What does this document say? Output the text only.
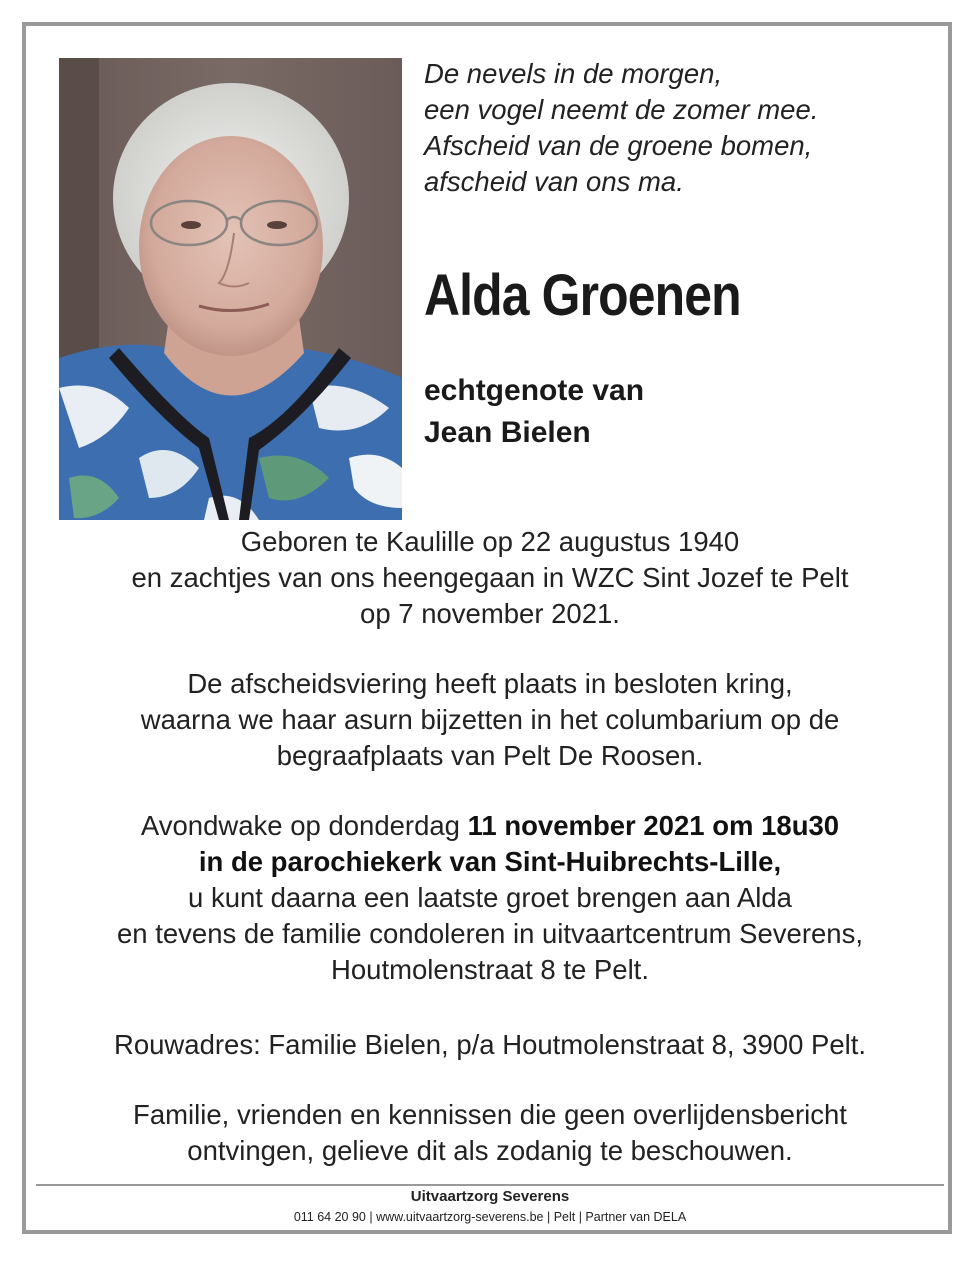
De nevels in de morgen,
een vogel neemt de zomer mee.
Afscheid van de groene bomen,
afscheid van ons ma.
Alda Groenen
echtgenote van
Jean Bielen
Geboren te Kaulille op 22 augustus 1940
en zachtjes van ons heengegaan in WZC Sint Jozef te Pelt
op 7 november 2021.
De afscheidsviering heeft plaats in besloten kring,
waarna we haar asurn bijzetten in het columbarium op de
begraafplaats van Pelt De Roosen.
Avondwake op donderdag 11 november 2021 om 18u30
in de parochiekerk van Sint-Huibrechts-Lille,
u kunt daarna een laatste groet brengen aan Alda
en tevens de familie condoleren in uitvaartcentrum Severens,
Houtmolenstraat 8 te Pelt.
Rouwadres: Familie Bielen, p/a Houtmolenstraat 8, 3900 Pelt.
Familie, vrienden en kennissen die geen overlijdensbericht
ontvingen, gelieve dit als zodanig te beschouwen.
Uitvaartzorg Severens
011 64 20 90 | www.uitvaartzorg-severens.be | Pelt | Partner van DELA
